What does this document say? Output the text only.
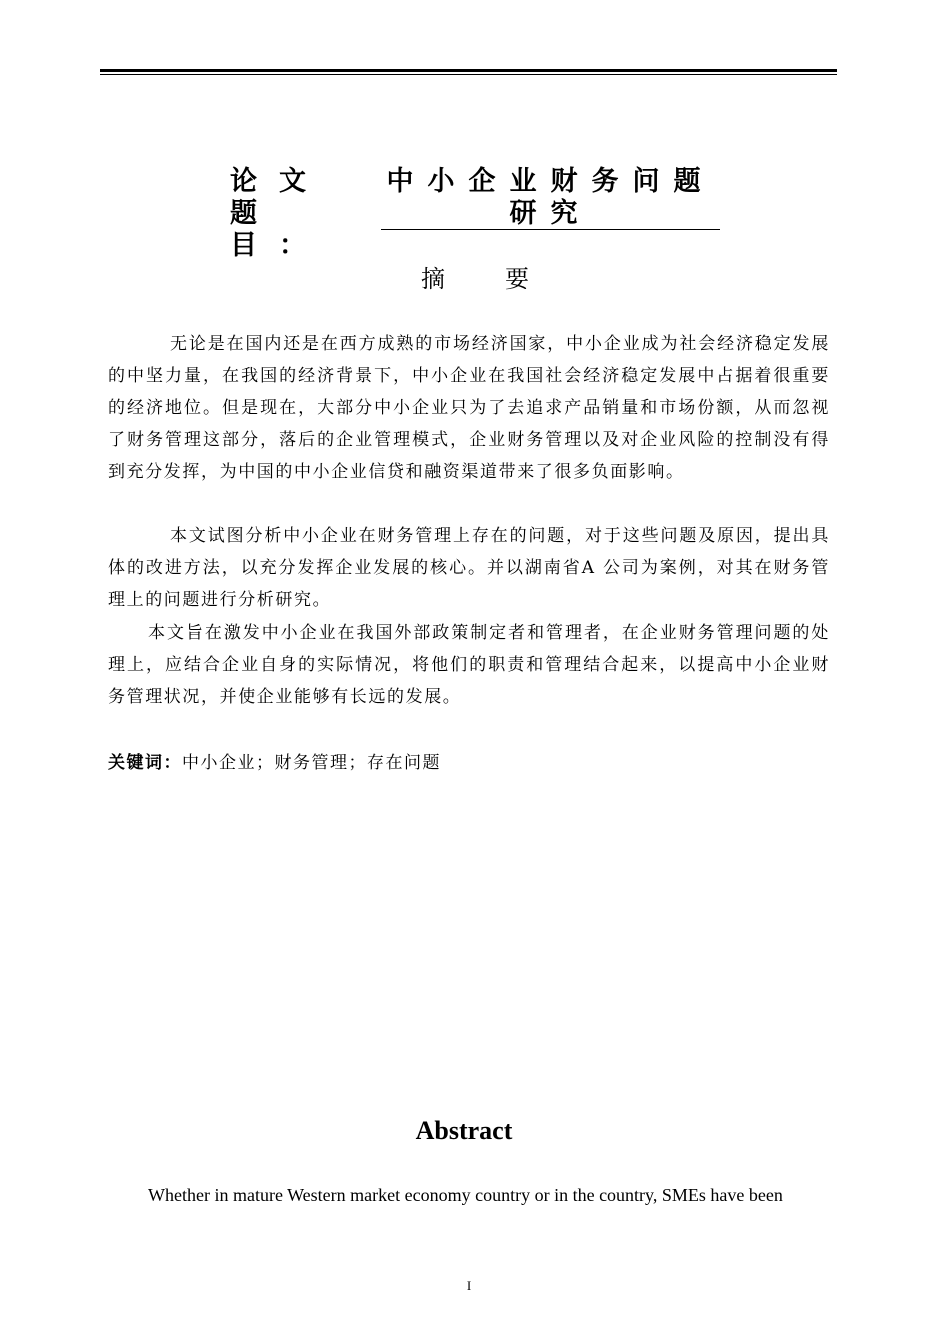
论文题目：
中小企业财务问题研究
摘	要
无论是在国内还是在西方成熟的市场经济国家，中小企业成为社会经济稳定发展的中坚力量，在我国的经济背景下，中小企业在我国社会经济稳定发展中占据着很重要的经济地位。但是现在，大部分中小企业只为了去追求产品销量和市场份额，从而忽视了财务管理这部分，落后的企业管理模式，企业财务管理以及对企业风险的控制没有得到充分发挥，为中国的中小企业信贷和融资渠道带来了很多负面影响。
本文试图分析中小企业在财务管理上存在的问题，对于这些问题及原因，提出具体的改进方法，以充分发挥企业发展的核心。并以湖南省A 公司为案例，对其在财务管理上的问题进行分析研究。
本文旨在激发中小企业在我国外部政策制定者和管理者，在企业财务管理问题的处理上，应结合企业自身的实际情况，将他们的职责和管理结合起来，以提高中小企业财务管理状况，并使企业能够有长远的发展。
关键词：中小企业；财务管理；存在问题
Abstract
Whether in mature Western market economy country or in the country, SMEs have been
I
